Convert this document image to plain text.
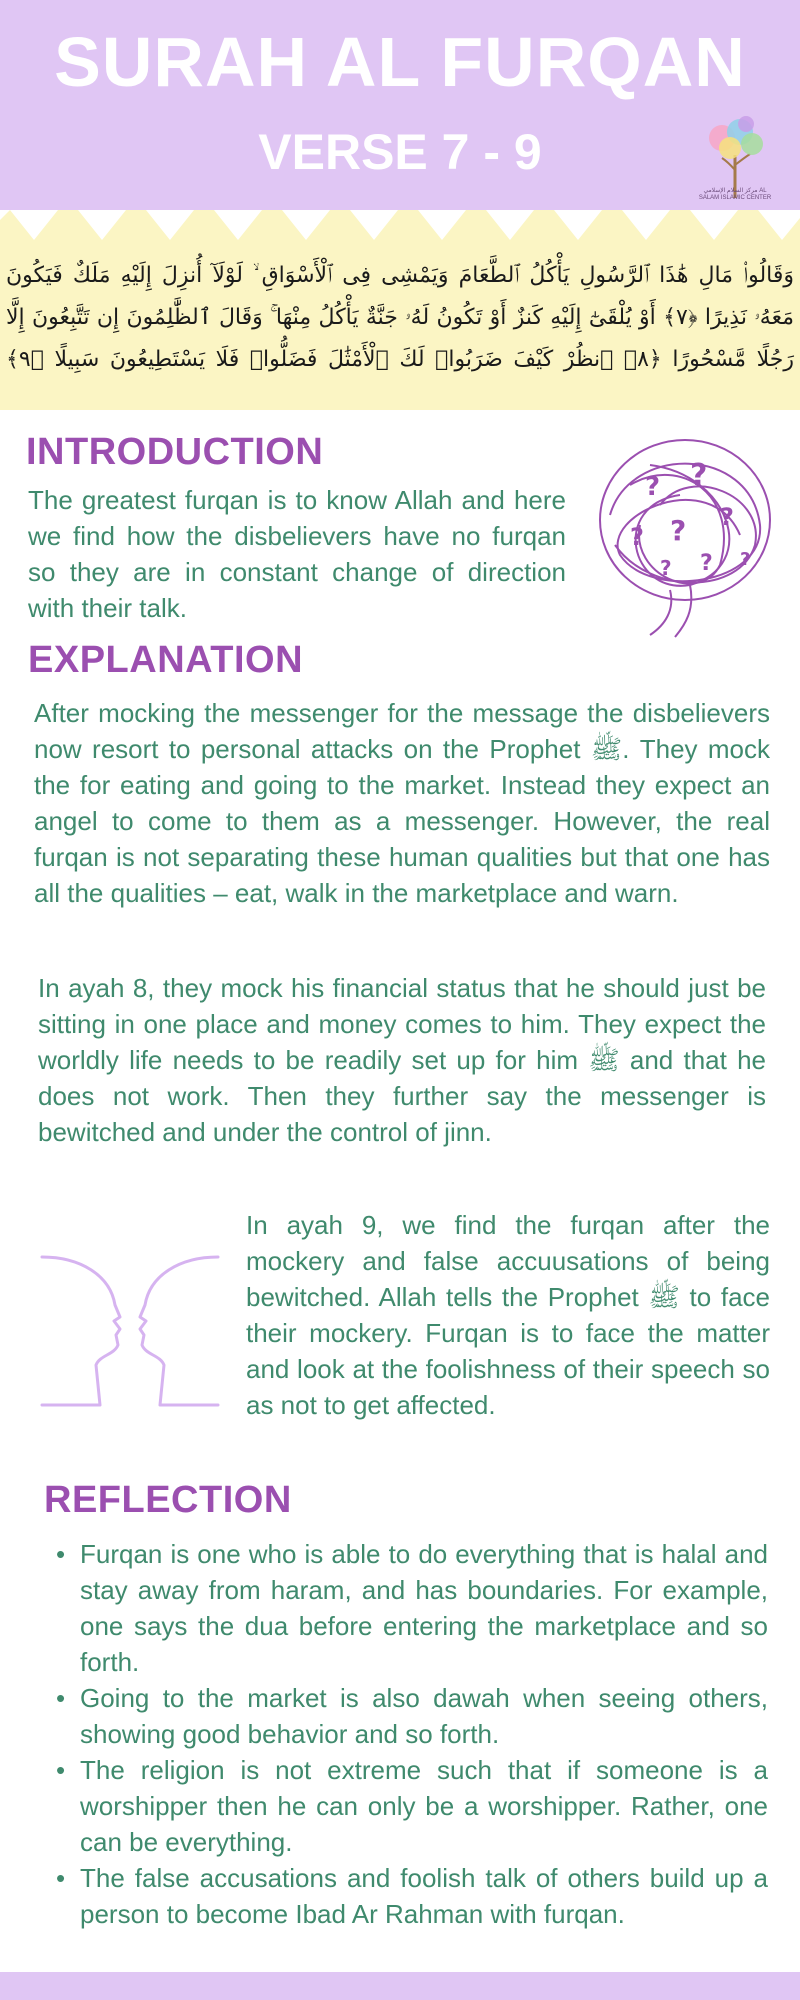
SURAH AL FURQAN
VERSE 7 - 9
مركز السلام الإسلامي AL SALAM ISLAMIC CENTER
وَقَالُوا۟ مَالِ هَٰذَا ٱلرَّسُولِ يَأْكُلُ ٱلطَّعَامَ وَيَمْشِى فِى ٱلْأَسْوَاقِ ۙ لَوْلَآ أُنزِلَ إِلَيْهِ مَلَكٌ فَيَكُونَ مَعَهُۥ نَذِيرًا ﴿٧﴾ أَوْ يُلْقَىٰٓ إِلَيْهِ كَنزٌ أَوْ تَكُونُ لَهُۥ جَنَّةٌ يَأْكُلُ مِنْهَا ۚ وَقَالَ ٱلظَّٰلِمُونَ إِن تَتَّبِعُونَ إِلَّا رَجُلًا مَّسْحُورًا ﴿٨﴾ ٱنظُرْ كَيْفَ ضَرَبُوا۟ لَكَ ٱلْأَمْثَٰلَ فَضَلُّوا۟ فَلَا يَسْتَطِيعُونَ سَبِيلًا ﴿٩﴾
INTRODUCTION
The greatest furqan is to know Allah and here we find how the disbelievers have no furqan so they are in constant change of direction with their talk.
? ?
?
? ?
? ?
?
EXPLANATION
After mocking the messenger for the message the disbelievers now resort to personal attacks on the Prophet ﷺ. They mock the for eating and going to the market. Instead they expect an angel to come to them as a messenger. However, the real furqan is not separating these human qualities but that one has all the qualities – eat, walk in the marketplace and warn.
In ayah 8, they mock his financial status that he should just be sitting in one place and money comes to him. They expect the worldly life needs to be readily set up for him ﷺ and that he does not work. Then they further say the messenger is bewitched and under the control of jinn.
In ayah 9, we find the furqan after the mockery and false accuusations of being bewitched. Allah tells the Prophet ﷺ to face their mockery. Furqan is to face the matter and look at the foolishness of their speech so as not to get affected.
REFLECTION
• Furqan is one who is able to do everything that is halal and stay away from haram, and has boundaries. For example, one says the dua before entering the marketplace and so forth.
• Going to the market is also dawah when seeing others, showing good behavior and so forth.
• The religion is not extreme such that if someone is a worshipper then he can only be a worshipper. Rather, one can be everything.
• The false accusations and foolish talk of others build up a person to become Ibad Ar Rahman with furqan.
